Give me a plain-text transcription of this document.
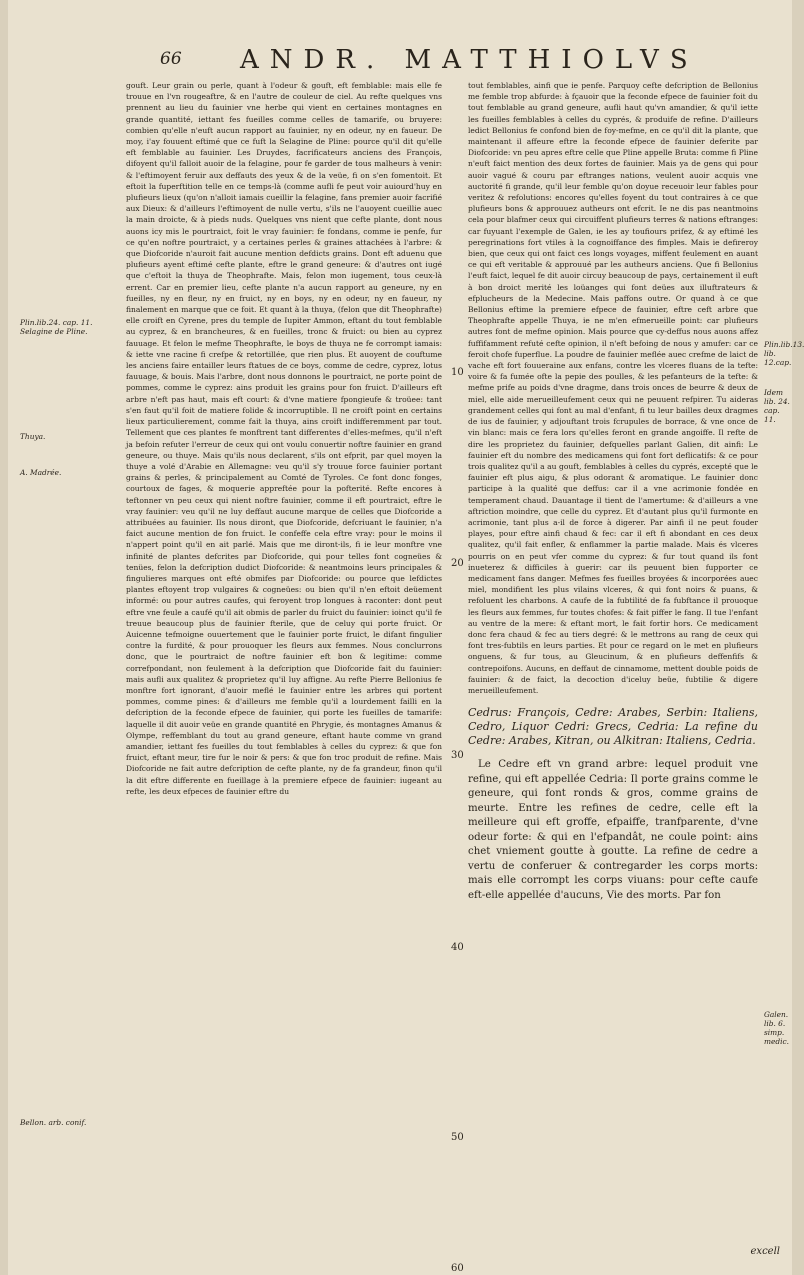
66 ANDR. MATTHIOLVS
Plin.lib.24. cap. 11. Selagine de Pline.
Thuya.
A. Madrée.
Bellon. arb. conif.

gouft. Leur grain ou perle, quant à l'odeur & gouft, eft femblable: mais elle fe trouue en l'vn rougeaftre, & en l'autre de couleur de ciel. Au refte quelques vns prennent au lieu du fauinier vne herbe qui vient en certaines montagnes en grande quantité, iettant fes fueilles comme celles de tamarife, ou bruyere: combien qu'elle n'euft aucun rapport au fauinier, ny en odeur, ny en faueur. De moy, i'ay fouuent eftimé que ce fuft la Selagine de Pline: pource qu'il dit qu'elle eft femblable au fauinier. Les Druydes, facrificateurs anciens des François, difoyent qu'il falloit auoir de la felagine, pour fe garder de tous malheurs à venir: & l'eftimoyent feruir aux deffauts des yeux & de la veüe, fi on s'en fomentoit. Et eftoit la fuperftition telle en ce temps-là (comme aufli fe peut voir auiourd'huy en plufieurs lieux (qu'on n'alloit iamais cueillir la felagine, fans premier auoir facrifié aux Dieux: & d'ailleurs l'eftimoyent de nulle vertu, s'ils ne l'auoyent cueillie auec la main droicte, & à pieds nuds. Quelques vns nient que cefte plante, dont nous auons icy mis le pourtraict, foit le vray fauinier: fe fondans, comme ie penfe, fur ce qu'en noftre pourtraict, y a certaines perles & graines attachées à l'arbre: & que Diofcoride n'auroit fait aucune mention defdicts grains. Dont eft aduenu que plufieurs ayent eftimé cefte plante, eftre le grand geneure: & d'autres ont iugé que c'eftoit la thuya de Theophrafte. Mais, felon mon iugement, tous ceux-là errent. Car en premier lieu, cefte plante n'a aucun rapport au geneure, ny en fueilles, ny en fleur, ny en fruict, ny en boys, ny en odeur, ny en faueur, ny finalement en marque que ce foit. Et quant à la thuya, (felon que dit Theophrafte) elle croift en Cyrene, pres du temple de Iupiter Ammon, eftant du tout femblable au cyprez, & en brancheures, & en fueilles, tronc & fruict: ou bien au cyprez fauuage. Et felon le mefme Theophrafte, le boys de thuya ne fe corrompt iamais: & iette vne racine fi crefpe & retortillée, que rien plus. Et auoyent de couftume les anciens faire entailler leurs ftatues de ce boys, comme de cedre, cyprez, lotus fauuage, & bouis. Mais l'arbre, dont nous donnons le pourtraict, ne porte point de pommes, comme le cyprez: ains produit les grains pour fon fruict. D'ailleurs eft arbre n'eft pas haut, mais eft court: & d'vne matiere fpongieufe & troüee: tant s'en faut qu'il foit de matiere folide & incorruptible. Il ne croift point en certains lieux particulierement, comme fait la thuya, ains croift indifferemment par tout. Tellement que ces plantes fe monftrent tant differentes d'elles-mefmes, qu'il n'eft ja befoin refuter l'erreur de ceux qui ont voulu conuertir noftre fauinier en grand geneure, ou thuye. Mais qu'ils nous declarent, s'ils ont efprit, par quel moyen la thuye a volé d'Arabie en Allemagne: veu qu'il s'y trouue force fauinier portant grains & perles, & principalement au Comté de Tyroles. Ce font donc fonges, courtoux de fages, & moquerie appreftée pour la pofterité. Refte encores à teftonner vn peu ceux qui nient noftre fauinier, comme il eft pourtraict, eftre le vray fauinier: veu qu'il ne luy deffaut aucune marque de celles que Diofcoride a attribuées au fauinier. Ils nous diront, que Diofcoride, defcriuant le fauinier, n'a faict aucune mention de fon fruict. Ie confeffe cela eftre vray: pour le moins il n'appert point qu'il en ait parlé. Mais que me diront-ils, fi ie leur monftre vne infinité de plantes defcrites par Diofcoride, qui pour telles font cogneües & tenües, felon la defcription dudict Diofcoride: & neantmoins leurs principales & fingulieres marques ont efté obmifes par Diofcoride: ou pource que lefdictes plantes eftoyent trop vulgaires & cogneües: ou bien qu'il n'en eftoit deüement informé: ou pour autres caufes, qui feroyent trop longues à raconter: dont peut eftre vne feule a caufé qu'il ait obmis de parler du fruict du fauinier: ioinct qu'il fe treuue beaucoup plus de fauinier fterile, que de celuy qui porte fruict. Or Auicenne tefmoigne ouuertement que le fauinier porte fruict, le difant fingulier contre la furdité, & pour prouoquer les fleurs aux femmes. Nous conclurrons donc, que le pourtraict de noftre fauinier eft bon & legitime: comme correfpondant, non feulement à la defcription que Diofcoride fait du fauinier: mais aufli aux qualitez & proprietez qu'il luy affigne. Au refte Pierre Bellonius fe monftre fort ignorant, d'auoir meflé le fauinier entre les arbres qui portent pommes, comme pines: & d'ailleurs me femble qu'il a lourdement failli en la defcription de la feconde efpece de fauinier, qui porte les fueilles de tamarife: laquelle il dit auoir veüe en grande quantité en Phrygie, és montagnes Amanus & Olympe, reffemblant du tout au grand geneure, eftant haute comme vn grand amandier, iettant fes fueilles du tout femblables à celles du cyprez: & que fon fruict, eftant meur, tire fur le noir & pers: & que fon troc produit de refine. Mais Diofcoride ne fait autre defcription de cefte plante, ny de fa grandeur, finon qu'il la dit eftre differente en fueillage à la premiere efpece de fauinier: iugeant au refte, les deux efpeces de fauinier eftre du

10
20
30
40
50
60

tout femblables, ainfi que ie penfe. Parquoy cefte defcription de Bellonius me femble trop abfurde: à fçauoir que la feconde efpece de fauinier foit du tout femblable au grand geneure, aufli haut qu'vn amandier, & qu'il iette les fueilles femblables à celles du cyprés, & produife de refine. D'ailleurs ledict Bellonius fe confond bien de foy-mefme, en ce qu'il dit la plante, que maintenant il affeure eftre la feconde efpece de fauinier deferite par Diofcoride: vn peu apres eftre celle que Pline appelle Bruta: comme fi Pline n'euft faict mention des deux fortes de fauinier. Mais ya de gens qui pour auoir vagué & couru par eftranges nations, veulent auoir acquis vne auctorité fi grande, qu'il leur femble qu'on doyue receuoir leur fables pour veritez & refolutions: encores qu'elles foyent du tout contraires à ce que plufieurs bons & approuuez autheurs ont efcrit. Ie ne dis pas neantmoins cela pour blafmer ceux qui circuiffent plufieurs terres & nations eftranges: car fuyuant l'exemple de Galen, ie les ay toufiours prifez, & ay eftimé les peregrinations fort vtiles à la cognoiffance des fimples. Mais ie defireroy bien, que ceux qui ont faict ces longs voyages, miffent feulement en auant ce qui eft veritable & approuué par les autheurs anciens. Que fi Bellonius l'euft faict, lequel fe dit auoir circuy beaucoup de pays, certainement il euft à bon droict merité les loüanges qui font deües aux illuftrateurs & efplucheurs de la Medecine. Mais paffons outre. Or quand à ce que Bellonius eftime la premiere efpece de fauinier, eftre ceft arbre que Theophrafte appelle Thuya, ie ne m'en efmerueille point: car plufieurs autres font de mefme opinion. Mais pource que cy-deffus nous auons affez fuffifamment refuté cefte opinion, il n'eft befoing de nous y amufer: car ce feroit chofe fuperflue. La poudre de fauinier meflée auec crefme de laict de vache eft fort fouueraine aux enfans, contre les vlceres fluans de la tefte: voire & fa fumée ofte la pepie des poulles, & les pefanteurs de la tefte: & mefme prife au poids d'vne dragme, dans trois onces de beurre & deux de miel, elle aide merueilleufement ceux qui ne peuuent refpirer. Tu aideras grandement celles qui font au mal d'enfant, fi tu leur bailles deux dragmes de ius de fauinier, y adjouftant trois fcrupules de borrace, & vne once de vin blanc: mais ce fera lors qu'elles feront en grande angoiffe. Il refte de dire les proprietez du fauinier, defquelles parlant Galien, dit ainfi: Le fauinier eft du nombre des medicamens qui font fort deflicatifs: & ce pour trois qualitez qu'il a au gouft, femblables à celles du cyprés, excepté que le fauinier eft plus aigu, & plus odorant & aromatique. Le fauinier donc participe à la qualité que deffus: car il a vne acrimonie fondée en temperament chaud. Dauantage il tient de l'amertume: & d'ailleurs a vne aftriction moindre, que celle du cyprez. Et d'autant plus qu'il furmonte en acrimonie, tant plus a-il de force à digerer. Par ainfi il ne peut fouder playes, pour eftre ainfi chaud & fec: car il eft fi abondant en ces deux qualitez, qu'il fait enfler, & enflammer la partie malade. Mais és vlceres pourris on en peut vfer comme du cyprez: & fur tout quand ils font inueterez & difficiles à guerir: car ils peuuent bien fupporter ce medicament fans danger. Mefmes fes fueilles broyées & incorporées auec miel, mondifient les plus vilains vlceres, & qui font noirs & puans, & refoluent les charbons. A caufe de la fubtilité de fa fubftance il prouoque les fleurs aux femmes, fur toutes chofes: & fait piffer le fang. Il tue l'enfant au ventre de la mere: & eftant mort, le fait fortir hors. Ce medicament donc fera chaud & fec au tiers degré: & le mettrons au rang de ceux qui font tres-fubtils en leurs parties. Et pour ce regard on le met en plufieurs onguens, & fur tous, au Gleucinum, & en plufieurs deffenfifs & contrepoifons. Aucuns, en deffaut de cinnamome, mettent double poids de fauinier: & de faict, la decoction d'iceluy beüe, fubtilie & digere merueilleufement.

Cedrus: François, Cedre: Arabes, Serbin: Italiens, Cedro, Liquor Cedri: Grecs, Cedria: La refine du Cedre: Arabes, Kitran, ou Alkitran: Italiens, Cedria.

Le Cedre eft vn grand arbre: lequel produit vne refine, qui eft appellée Cedria: Il porte grains comme le geneure, qui font ronds & gros, comme grains de meurte. Entre les refines de cedre, celle eft la meilleure qui eft groffe, efpaiffe, tranfparente, d'vne odeur forte: & qui en l'efpandât, ne coule point: ains chet vniement goutte à goutte. La refine de cedre a vertu de conferuer & contregarder les corps morts: mais elle corrompt les corps viuans: pour cefte caufe eft-elle appellée d'aucuns, Vie des morts. Par fon

Plin.lib.13. lib. 12.cap.
Idem lib. 24. cap. 11.
Galen. lib. 6. simp. medic.
excell
